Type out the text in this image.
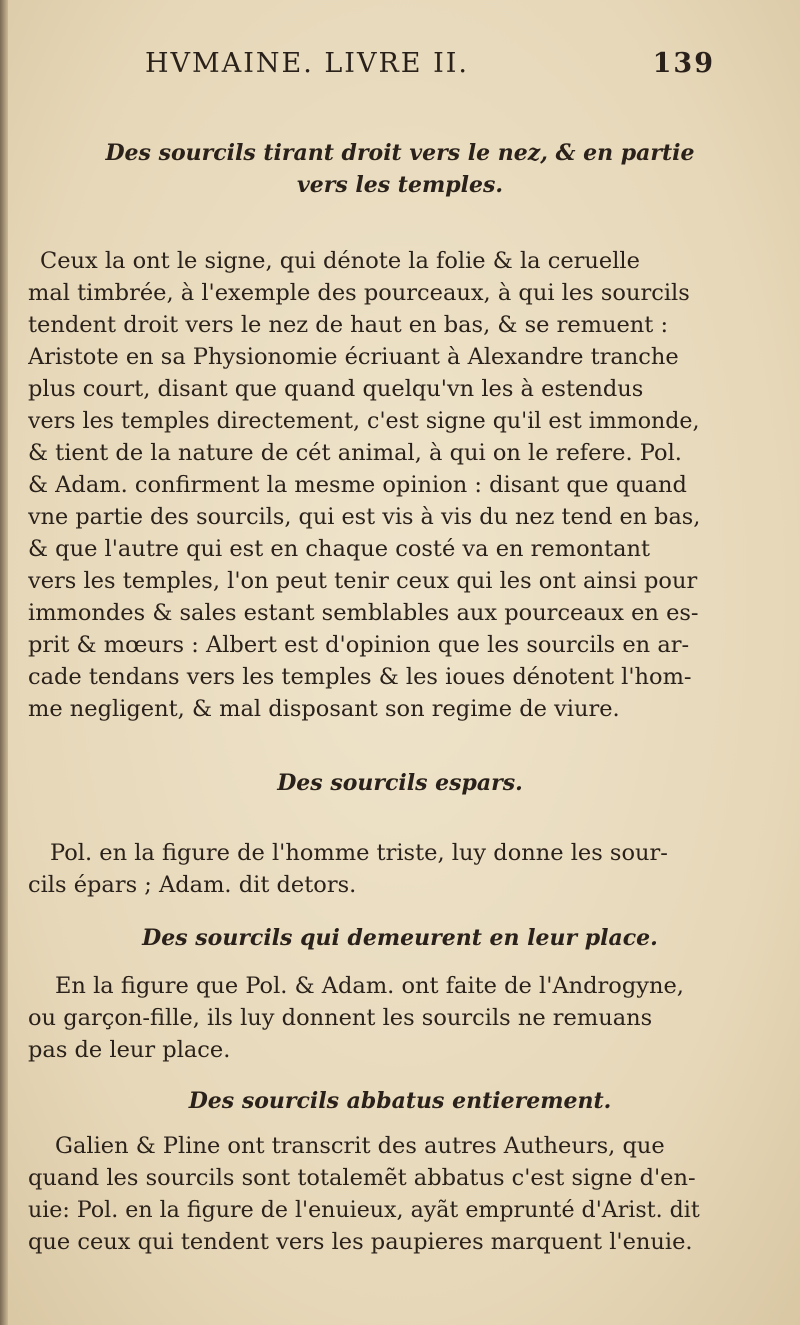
HVMAINE. LIVRE II.	139
Des sourcils tirant droit vers le nez, & en partie
vers les temples.
Ceux la ont le signe, qui dénote la folie & la ceruelle
mal timbrée, à l'exemple des pourceaux, à qui les sourcils
tendent droit vers le nez de haut en bas, & se remuent :
Aristote en sa Physionomie écriuant à Alexandre tranche
plus court, disant que quand quelqu'vn les à estendus
vers les temples directement, c'est signe qu'il est immonde,
& tient de la nature de cét animal, à qui on le refere. Pol.
& Adam. confirment la mesme opinion : disant que quand
vne partie des sourcils, qui est vis à vis du nez tend en bas,
& que l'autre qui est en chaque costé va en remontant
vers les temples, l'on peut tenir ceux qui les ont ainsi pour
immondes & sales estant semblables aux pourceaux en es-
prit & mœurs : Albert est d'opinion que les sourcils en ar-
cade tendans vers les temples & les ioues dénotent l'hom-
me negligent, & mal disposant son regime de viure.
Des sourcils espars.
Pol. en la figure de l'homme triste, luy donne les sour-
cils épars ; Adam. dit detors.
Des sourcils qui demeurent en leur place.
En la figure que Pol. & Adam. ont faite de l'Androgyne,
ou garçon-fille, ils luy donnent les sourcils ne remuans
pas de leur place.
Des sourcils abbatus entierement.
Galien & Pline ont transcrit des autres Autheurs, que
quand les sourcils sont totalemẽt abbatus c'est signe d'en-
uie: Pol. en la figure de l'enuieux, ayãt emprunté d'Arist. dit
que ceux qui tendent vers les paupieres marquent l'enuie.
